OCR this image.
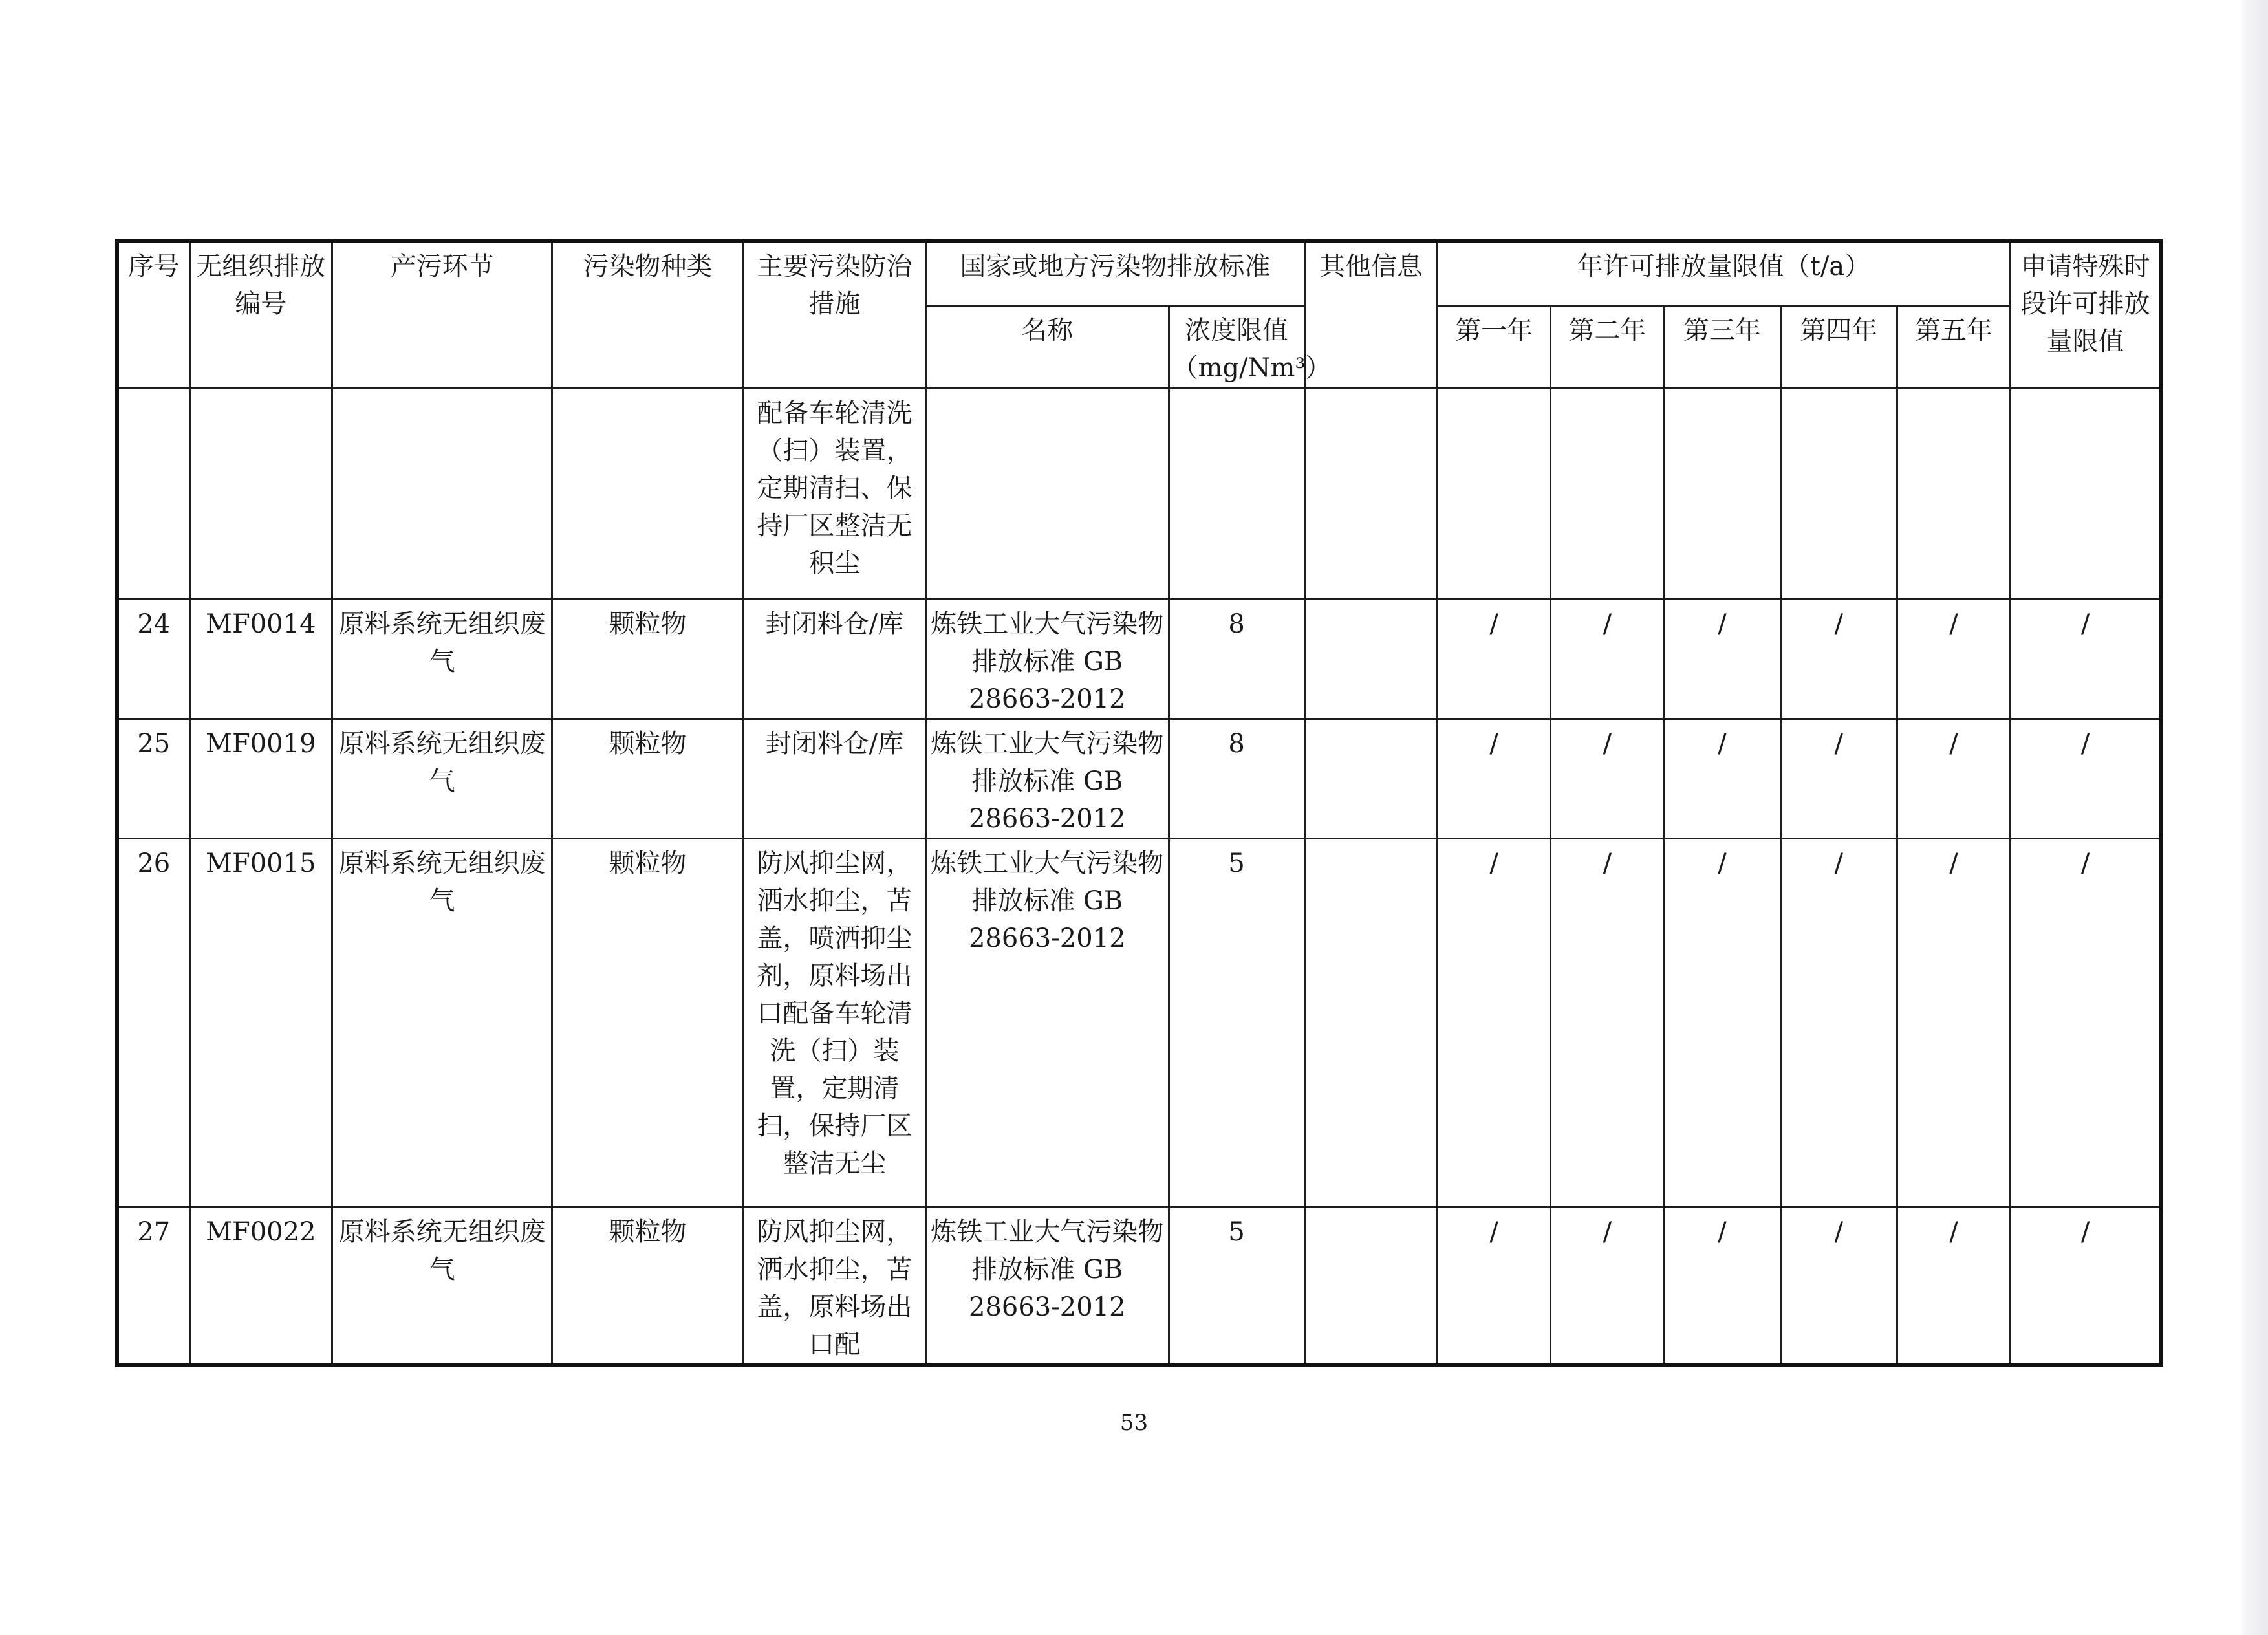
序号	无组织排放编号	产污环节	污染物种类	主要污染防治措施	国家或地方污染物排放标准		其他信息	年许可排放量限值（t/a）					申请特殊时段许可排放量限值
					名称	浓度限值（mg/Nm³）		第一年	第二年	第三年	第四年	第五年	
				配备车轮清洗（扫）装置，定期清扫、保持厂区整洁无积尘									
24	MF0014	原料系统无组织废气	颗粒物	封闭料仓/库	炼铁工业大气污染物排放标准 GB 28663-2012	8		/	/	/	/	/	/
25	MF0019	原料系统无组织废气	颗粒物	封闭料仓/库	炼铁工业大气污染物排放标准 GB 28663-2012	8		/	/	/	/	/	/
26	MF0015	原料系统无组织废气	颗粒物	防风抑尘网，洒水抑尘，苫盖，喷洒抑尘剂，原料场出口配备车轮清洗（扫）装置，定期清扫，保持厂区整洁无尘	炼铁工业大气污染物排放标准 GB 28663-2012	5		/	/	/	/	/	/
27	MF0022	原料系统无组织废气	颗粒物	防风抑尘网，洒水抑尘，苫盖，原料场出口配	炼铁工业大气污染物排放标准 GB 28663-2012	5		/	/	/	/	/	/
53
